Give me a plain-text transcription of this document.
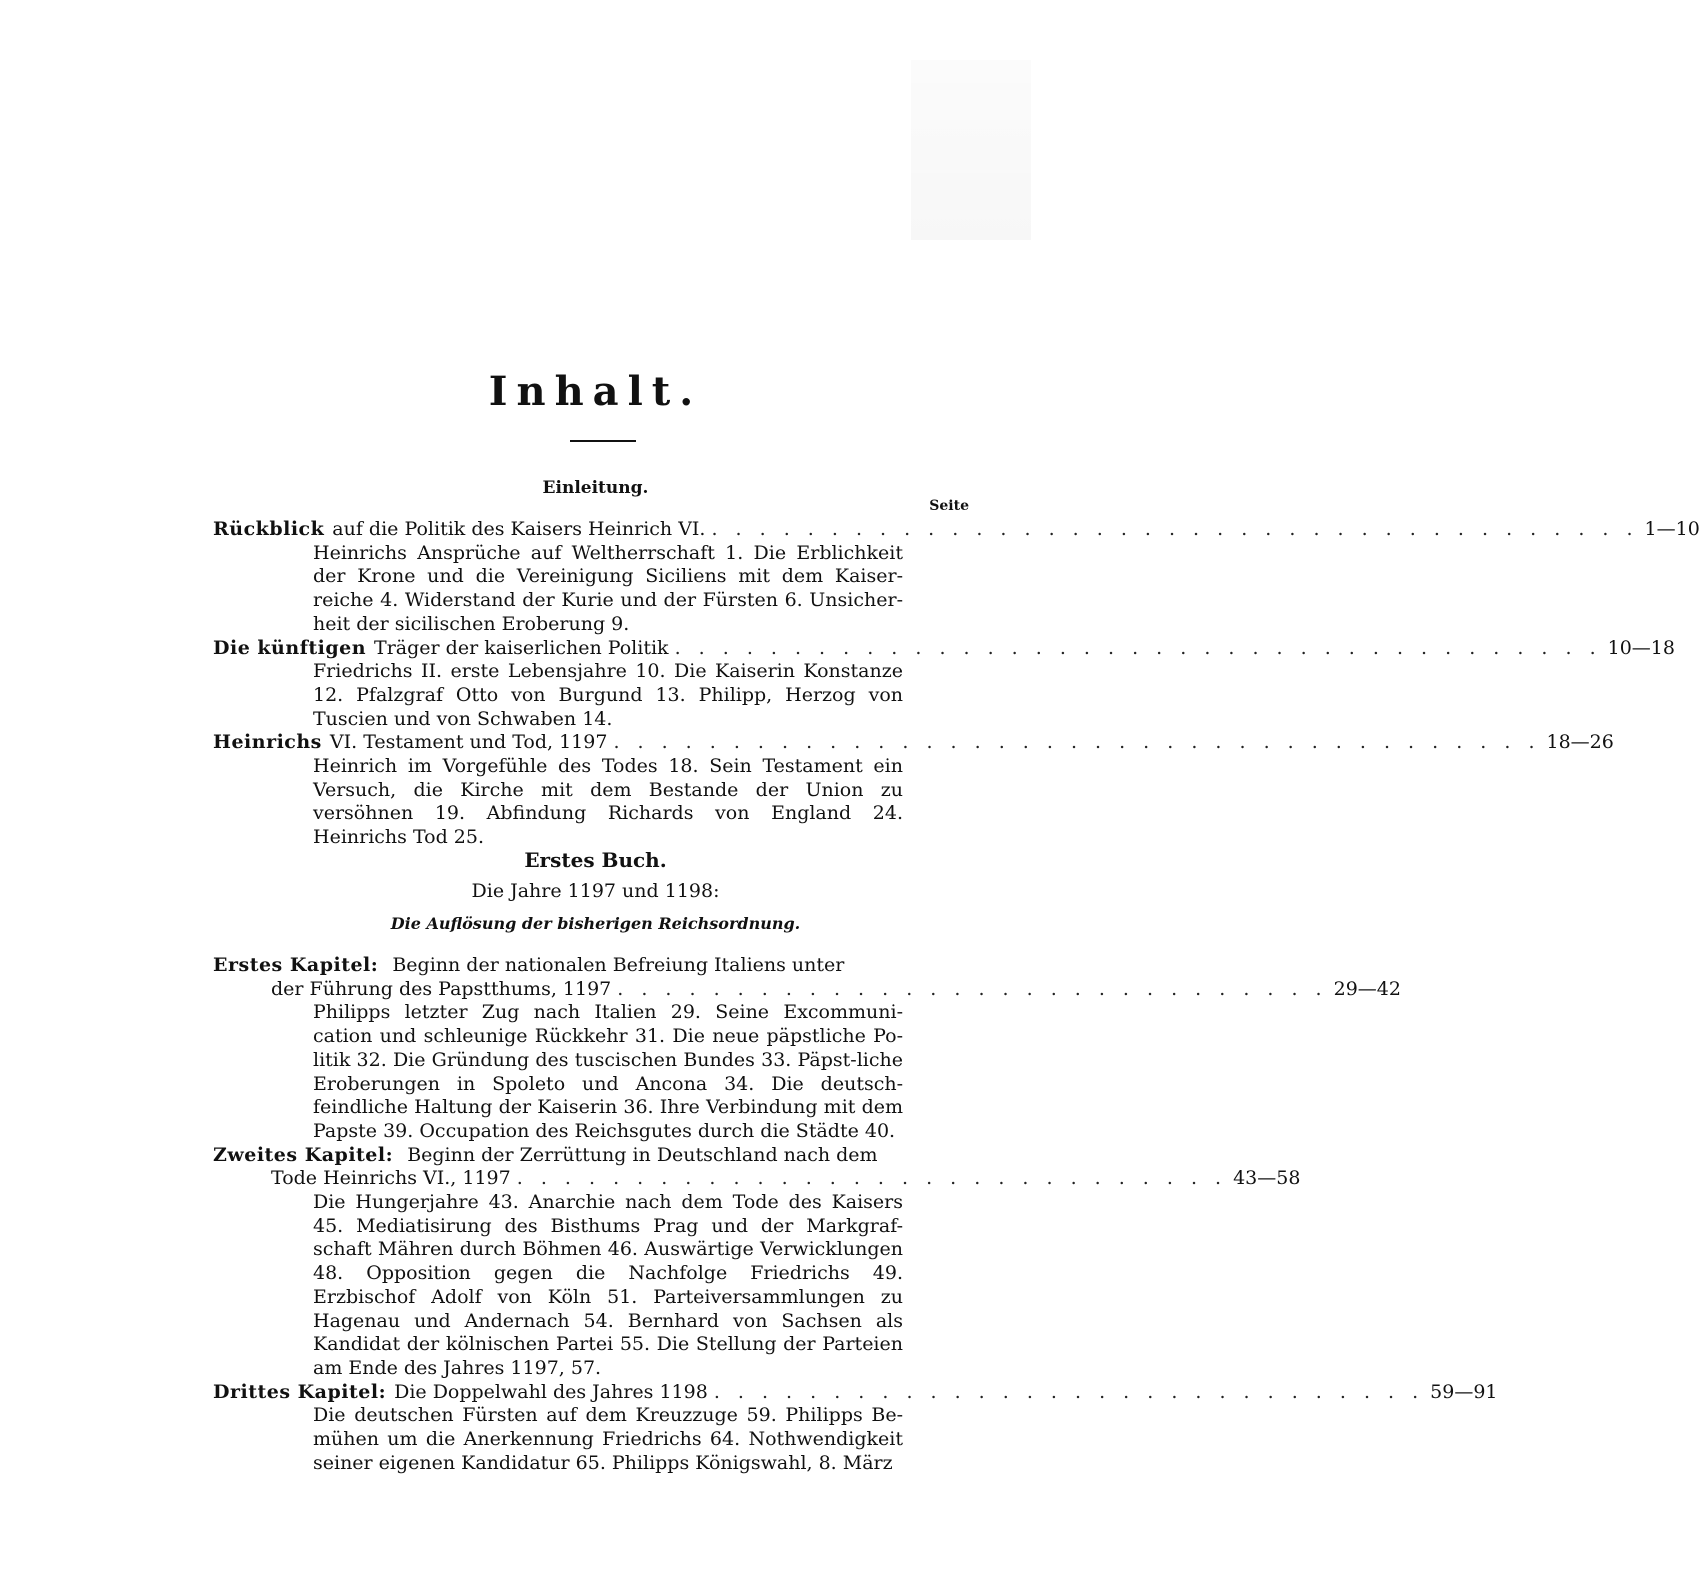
Inhalt.
Einleitung.
Seite
Rückblick auf die Politik des Kaisers Heinrich VI. . . . . . . . . . . . . . . . . . . . . . . . . . . . . . . . . . . . . . . . 1—10

Heinrichs Ansprüche auf Weltherrschaft 1. Die Erblichkeit der Krone und die Vereinigung Siciliens mit dem Kaiser-reiche 4. Widerstand der Kurie und der Fürsten 6. Unsicher-heit der sicilischen Eroberung 9.

Die künftigen Träger der kaiserlichen Politik . . . . . . . . . . . . . . . . . . . . . . . . . . . . . . . . . . . . . . . 10—18

Friedrichs II. erste Lebensjahre 10. Die Kaiserin Konstanze 12. Pfalzgraf Otto von Burgund 13. Philipp, Herzog von Tuscien und von Schwaben 14.

Heinrichs VI. Testament und Tod, 1197 . . . . . . . . . . . . . . . . . . . . . . . . . . . . . . . . . . . . . . . 18—26

Heinrich im Vorgefühle des Todes 18. Sein Testament ein Versuch, die Kirche mit dem Bestande der Union zu versöhnen 19. Abfindung Richards von England 24. Heinrichs Tod 25.

Erstes Buch.
Die Jahre 1197 und 1198:
Die Auflösung der bisherigen Reichsordnung.
Erstes Kapitel: Beginn der nationalen Befreiung Italiens unter
der Führung des Papstthums, 1197 . . . . . . . . . . . . . . . . . . . . . . . . . . . . . . 29—42

Philipps letzter Zug nach Italien 29. Seine Excommuni-cation und schleunige Rückkehr 31. Die neue päpstliche Po-litik 32. Die Gründung des tuscischen Bundes 33. Päpst-liche Eroberungen in Spoleto und Ancona 34. Die deutsch-feindliche Haltung der Kaiserin 36. Ihre Verbindung mit dem Papste 39. Occupation des Reichsgutes durch die Städte 40.

Zweites Kapitel: Beginn der Zerrüttung in Deutschland nach dem
Tode Heinrichs VI., 1197 . . . . . . . . . . . . . . . . . . . . . . . . . . . . . . 43—58

Die Hungerjahre 43. Anarchie nach dem Tode des Kaisers 45. Mediatisirung des Bisthums Prag und der Markgraf-schaft Mähren durch Böhmen 46. Auswärtige Verwicklungen 48. Opposition gegen die Nachfolge Friedrichs 49. Erzbischof Adolf von Köln 51. Parteiversammlungen zu Hagenau und Andernach 54. Bernhard von Sachsen als Kandidat der kölnischen Partei 55. Die Stellung der Parteien am Ende des Jahres 1197, 57.

Drittes Kapitel: Die Doppelwahl des Jahres 1198 . . . . . . . . . . . . . . . . . . . . . . . . . . . . . . 59—91

Die deutschen Fürsten auf dem Kreuzzuge 59. Philipps Be-mühen um die Anerkennung Friedrichs 64. Nothwendigkeit seiner eigenen Kandidatur 65. Philipps Königswahl, 8. März
